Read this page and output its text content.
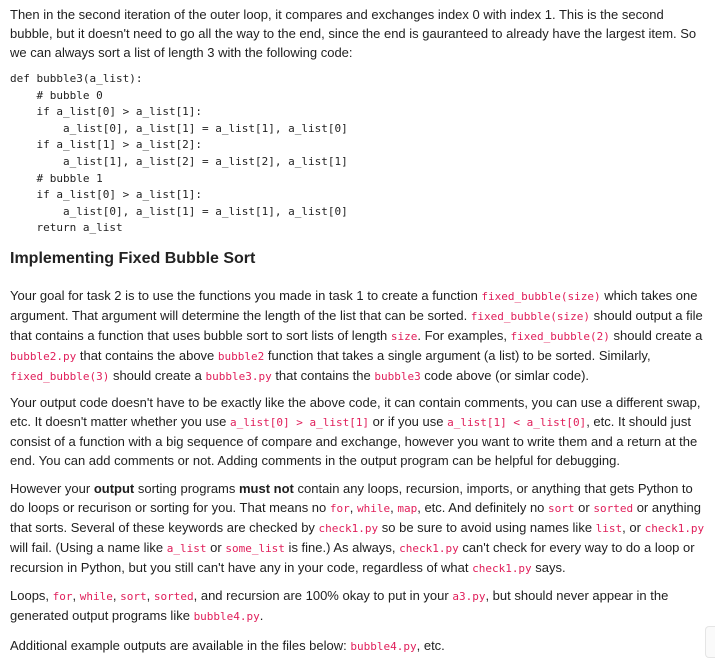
Then in the second iteration of the outer loop, it compares and exchanges index 0 with index 1. This is the second bubble, but it doesn't need to go all the way to the end, since the end is gauranteed to already have the largest item. So we can always sort a list of length 3 with the following code:

def bubble3(a_list):
# bubble 0
if a_list[0] > a_list[1]:
a_list[0], a_list[1] = a_list[1], a_list[0]
if a_list[1] > a_list[2]:
a_list[1], a_list[2] = a_list[2], a_list[1]
# bubble 1
if a_list[0] > a_list[1]:
a_list[0], a_list[1] = a_list[1], a_list[0]
return a_list
Implementing Fixed Bubble Sort

Your goal for task 2 is to use the functions you made in task 1 to create a function fixed_bubble(size) which takes one argument. That argument will determine the length of the list that can be sorted. fixed_bubble(size) should output a file that contains a function that uses bubble sort to sort lists of length size. For examples, fixed_bubble(2) should create a bubble2.py that contains the above bubble2 function that takes a single argument (a list) to be sorted. Similarly, fixed_bubble(3) should create a bubble3.py that contains the bubble3 code above (or simlar code).

Your output code doesn't have to be exactly like the above code, it can contain comments, you can use a different swap, etc. It doesn't matter whether you use a_list[0] > a_list[1] or if you use a_list[1] < a_list[0], etc. It should just consist of a function with a big sequence of compare and exchange, however you want to write them and a return at the end. You can add comments or not. Adding comments in the output program can be helpful for debugging.

However your output sorting programs must not contain any loops, recursion, imports, or anything that gets Python to do loops or recurison or sorting for you. That means no for, while, map, etc. And definitely no sort or sorted or anything that sorts. Several of these keywords are checked by check1.py so be sure to avoid using names like list, or check1.py will fail. (Using a name like a_list or some_list is fine.) As always, check1.py can't check for every way to do a loop or recursion in Python, but you still can't have any in your code, regardless of what check1.py says.

Loops, for, while, sort, sorted, and recursion are 100% okay to put in your a3.py, but should never appear in the generated output programs like bubble4.py.

Additional example outputs are available in the files below: bubble4.py, etc.
